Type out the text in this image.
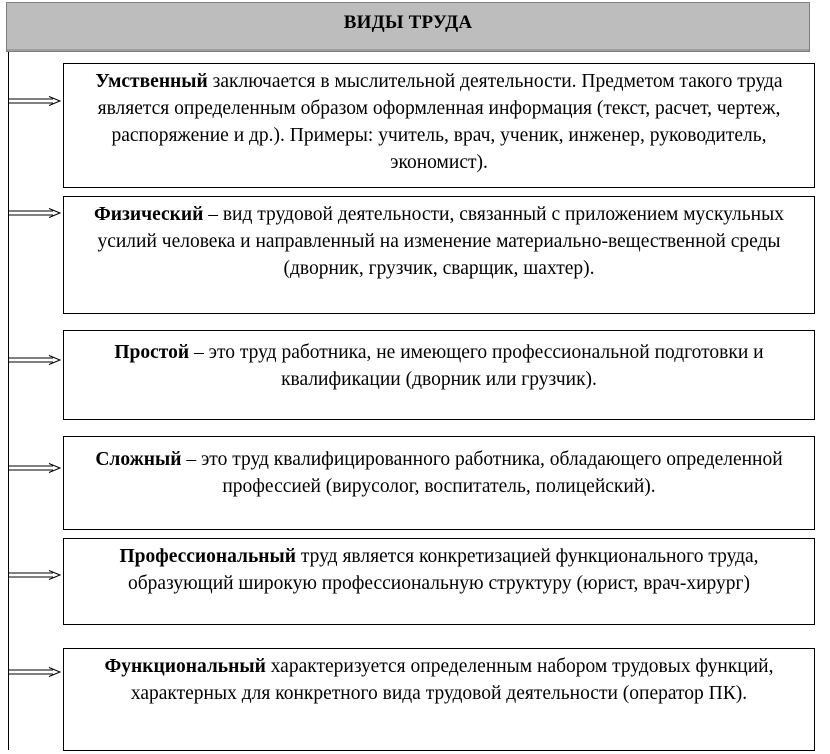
ВИДЫ ТРУДА
Умственный заключается в мыслительной деятельности. Предметом такого труда является определенным образом оформленная информация (текст, расчет, чертеж, распоряжение и др.). Примеры: учитель, врач, ученик, инженер, руководитель, экономист).
Физический – вид трудовой деятельности, связанный с приложением мускульных усилий человека и направленный на изменение материально-вещественной среды (дворник, грузчик, сварщик, шахтер).
Простой – это труд работника, не имеющего профессиональной подготовки и квалификации (дворник или грузчик).
Сложный – это труд квалифицированного работника, обладающего определенной профессией (вирусолог, воспитатель, полицейский).
Профессиональный труд является конкретизацией функционального труда, образующий широкую профессиональную структуру (юрист, врач-хирург)
Функциональный характеризуется определенным набором трудовых функций, характерных для конкретного вида трудовой деятельности (оператор ПК).
